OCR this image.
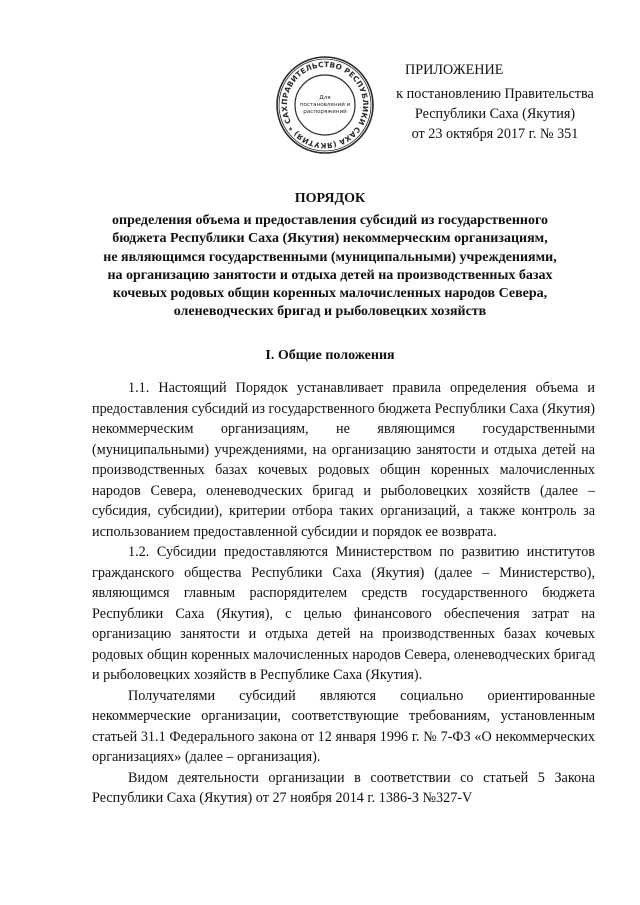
ПРАВИТЕЛЬСТВО РЕСПУБЛИКИ САХА (ЯКУТИЯ) * САХ
Для
постановлений и
распоряжений
ПРИЛОЖЕНИЕ
к постановлению Правительства
Республики Саха (Якутия)
от 23 октября 2017 г. № 351
ПОРЯДОК
определения объема и предоставления субсидий из государственного
бюджета Республики Саха (Якутия) некоммерческим организациям,
не являющимся государственными (муниципальными) учреждениями,
на организацию занятости и отдыха детей на производственных базах
кочевых родовых общин коренных малочисленных народов Севера,
оленеводческих бригад и рыболовецких хозяйств
I. Общие положения

1.1. Настоящий Порядок устанавливает правила определения объема и предоставления субсидий из государственного бюджета Республики Саха (Якутия) некоммерческим организациям, не являющимся государственными (муниципальными) учреждениями, на организацию занятости и отдыха детей на производственных базах кочевых родовых общин коренных малочисленных народов Севера, оленеводческих бригад и рыболовецких хозяйств (далее – субсидия, субсидии), критерии отбора таких организаций, а также контроль за использованием предоставленной субсидии и порядок ее возврата.

1.2. Субсидии предоставляются Министерством по развитию институтов гражданского общества Республики Саха (Якутия) (далее – Министерство), являющимся главным распорядителем средств государственного бюджета Республики Саха (Якутия), с целью финансового обеспечения затрат на организацию занятости и отдыха детей на производственных базах кочевых родовых общин коренных малочисленных народов Севера, оленеводческих бригад и рыболовецких хозяйств в Республике Саха (Якутия).

Получателями субсидий являются социально ориентированные некоммерческие организации, соответствующие требованиям, установленным статьей 31.1 Федерального закона от 12 января 1996 г. № 7-ФЗ «О некоммерческих организациях» (далее – организация).

Видом деятельности организации в соответствии со статьей 5 Закона Республики Саха (Якутия) от 27 ноября 2014 г. 1386-З №327-V
